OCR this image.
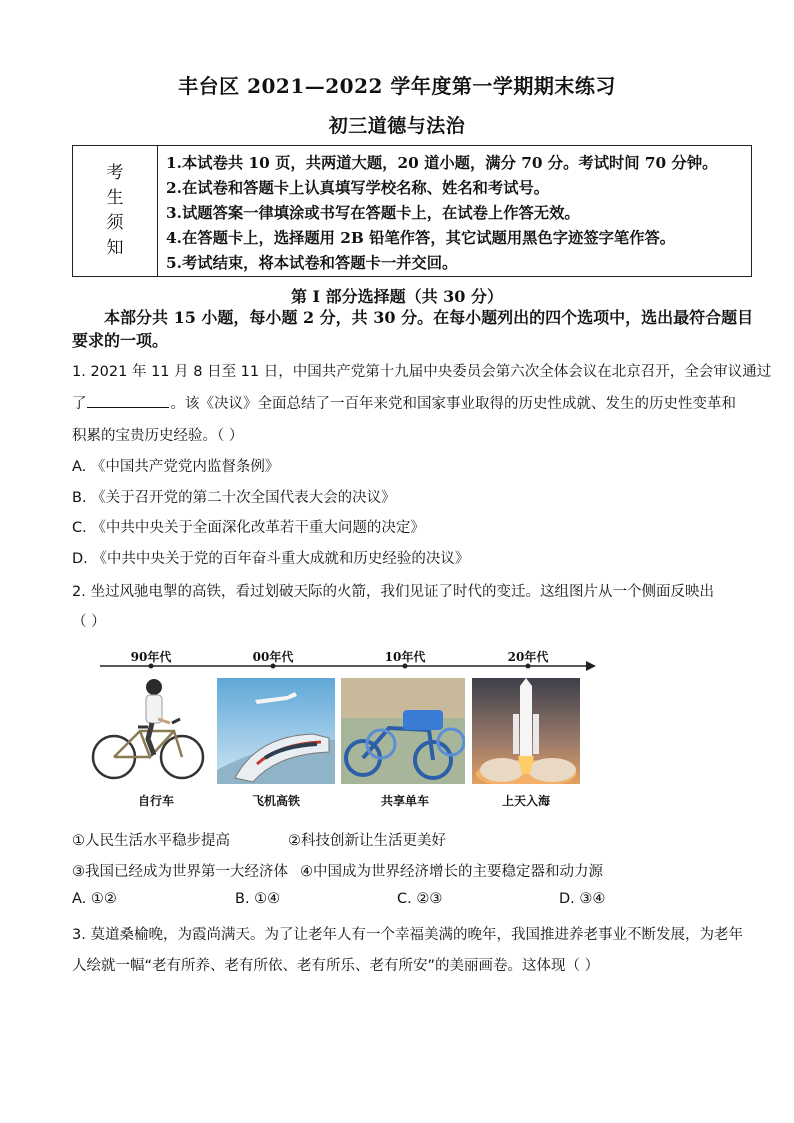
丰台区 2021—2022 学年度第一学期期末练习
初三道德与法治
考
生
须
知
1.本试卷共 10 页，共两道大题，20 道小题，满分 70 分。考试时间 70 分钟。
2.在试卷和答题卡上认真填写学校名称、姓名和考试号。
3.试题答案一律填涂或书写在答题卡上，在试卷上作答无效。
4.在答题卡上，选择题用 2B 铅笔作答，其它试题用黑色字迹签字笔作答。
5.考试结束，将本试卷和答题卡一并交回。
第 I 部分选择题（共 30 分）
本部分共 15 小题，每小题 2 分，共 30 分。在每小题列出的四个选项中，选出最符合题目要求的一项。
1. 2021 年 11 月 8 日至 11 日，中国共产党第十九届中央委员会第六次全体会议在北京召开，全会审议通过
了	。该《决议》全面总结了一百年来党和国家事业取得的历史性成就、发生的历史性变革和
积累的宝贵历史经验。（ ）
A. 《中国共产党党内监督条例》
B. 《关于召开党的第二十次全国代表大会的决议》
C. 《中共中央关于全面深化改革若干重大问题的决定》
D. 《中共中央关于党的百年奋斗重大成就和历史经验的决议》
2. 坐过风驰电掣的高铁，看过划破天际的火箭，我们见证了时代的变迁。这组图片从一个侧面反映出
（ ）
90年代	00年代	10年代	20年代
自行车	飞机高铁	共享单车	上天入海
①人民生活水平稳步提高	②科技创新让生活更美好
③我国已经成为世界第一大经济体 ④中国成为世界经济增长的主要稳定器和动力源
A. ①②	B. ①④	C. ②③	D. ③④
3. 莫道桑榆晚，为霞尚满天。为了让老年人有一个幸福美满的晚年，我国推进养老事业不断发展，为老年
人绘就一幅“老有所养、老有所依、老有所乐、老有所安”的美丽画卷。这体现（ ）
